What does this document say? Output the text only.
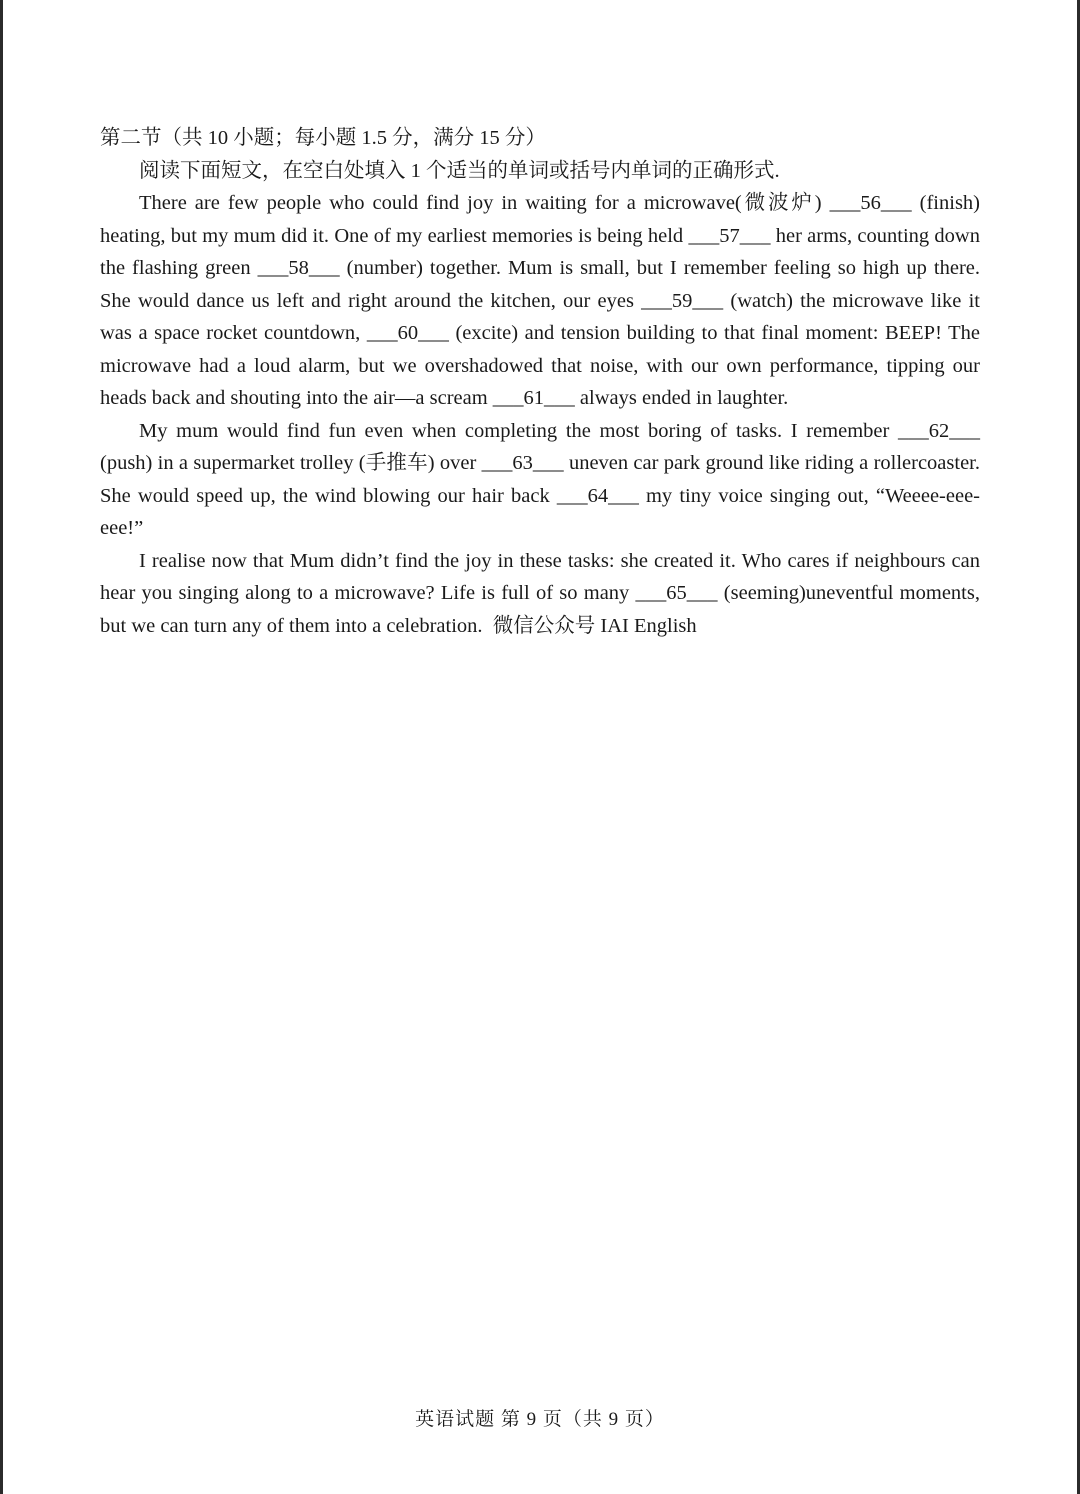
第二节（共 10 小题；每小题 1.5 分，满分 15 分）

阅读下面短文，在空白处填入 1 个适当的单词或括号内单词的正确形式.

There are few people who could find joy in waiting for a microwave(微波炉) ___56___ (finish) heating, but my mum did it. One of my earliest memories is being held ___57___ her arms, counting down the flashing green ___58___ (number) together. Mum is small, but I remember feeling so high up there. She would dance us left and right around the kitchen, our eyes ___59___ (watch) the microwave like it was a space rocket countdown, ___60___ (excite) and tension building to that final moment: BEEP! The microwave had a loud alarm, but we overshadowed that noise, with our own performance, tipping our heads back and shouting into the air—a scream ___61___ always ended in laughter.

My mum would find fun even when completing the most boring of tasks. I remember ___62___ (push) in a supermarket trolley (手推车) over ___63___ uneven car park ground like riding a rollercoaster. She would speed up, the wind blowing our hair back ___64___ my tiny voice singing out, “Weeee-eee-eee!”

I realise now that Mum didn’t find the joy in these tasks: she created it. Who cares if neighbours can hear you singing along to a microwave? Life is full of so many ___65___ (seeming)uneventful moments, but we can turn any of them into a celebration. 微信公众号 IAI English

英语试题 第 9 页（共 9 页）
